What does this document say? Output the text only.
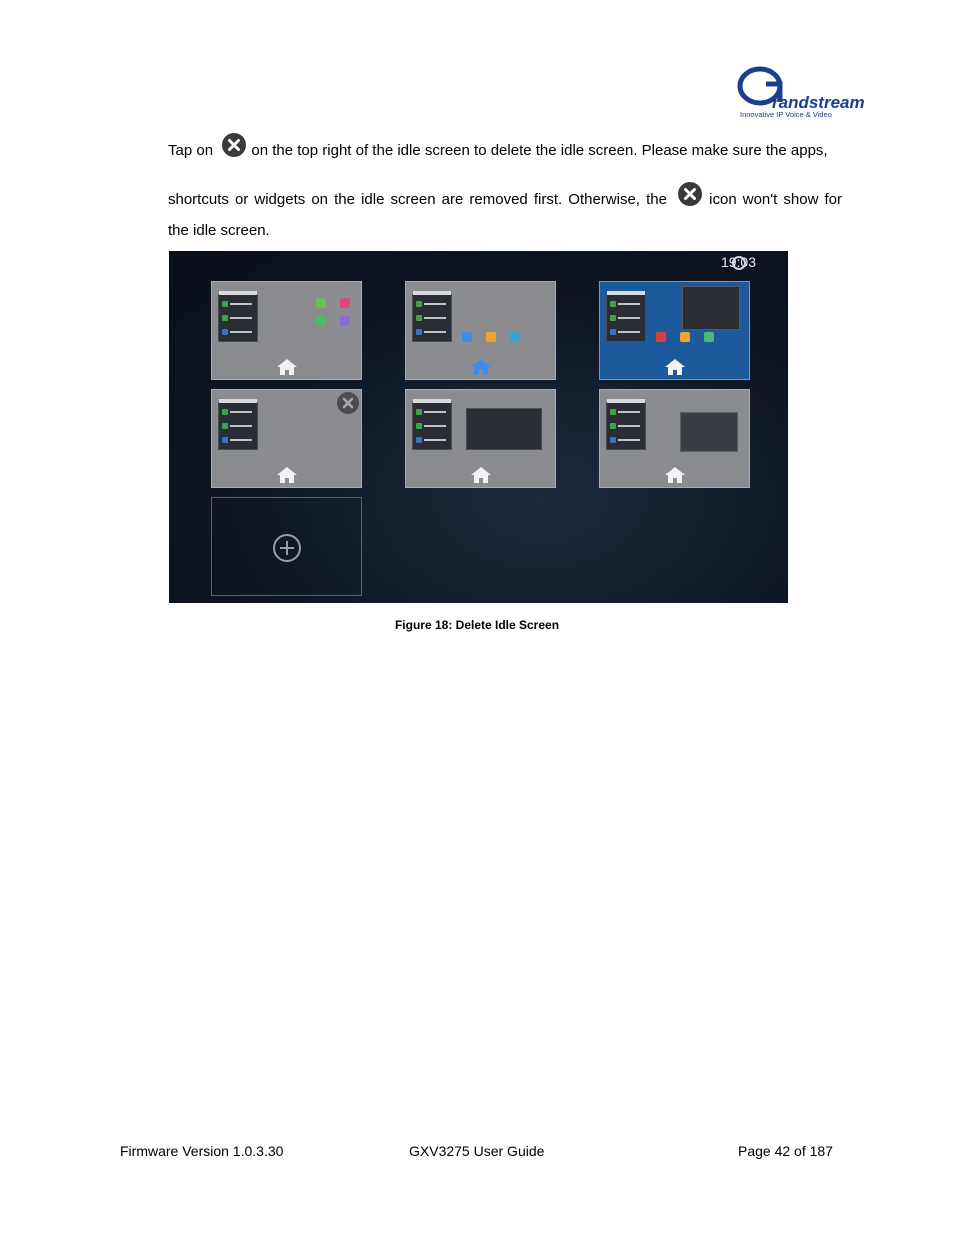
randstream
Innovative IP Voice & Video
Tap on	on the top right of the idle screen to delete the idle screen. Please make sure the apps,
shortcuts or widgets on the idle screen are removed first. Otherwise, the	icon won't show for
the idle screen.
19:03
Figure 18: Delete Idle Screen
Firmware Version 1.0.3.30	GXV3275 User Guide	Page 42 of 187
